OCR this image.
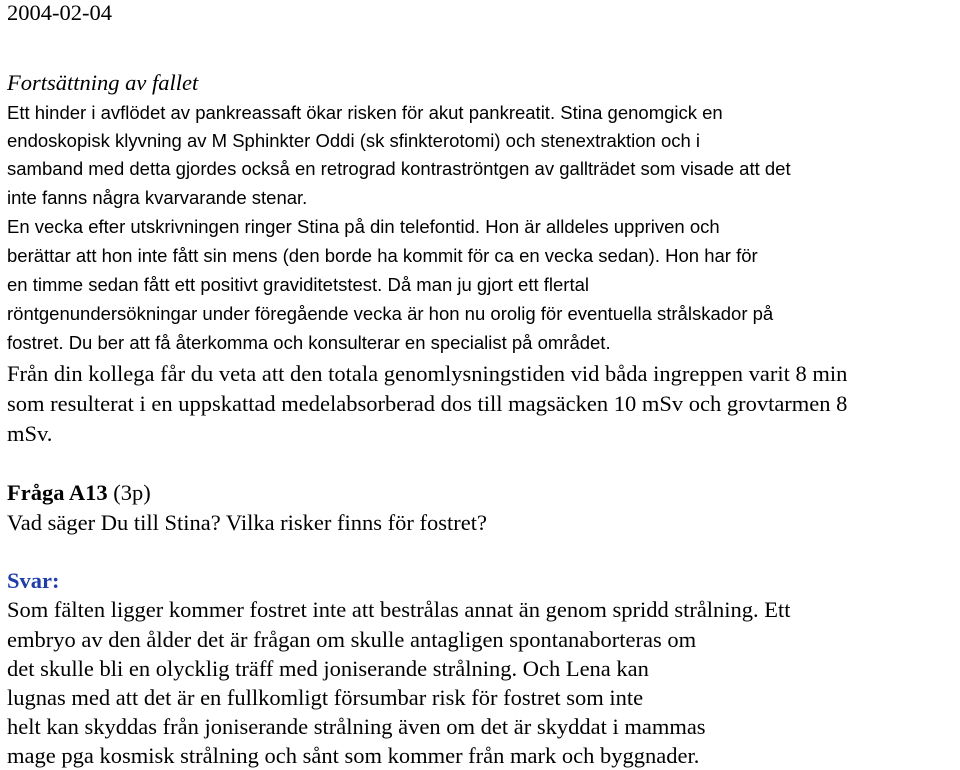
2004-02-04
Fortsättning av fallet
Ett hinder i avflödet av pankreassaft ökar risken för akut pankreatit. Stina genomgick en
endoskopisk klyvning av M Sphinkter Oddi (sk sfinkterotomi) och stenextraktion och i
samband med detta gjordes också en retrograd kontraströntgen av gallträdet som visade att det
inte fanns några kvarvarande stenar.
En vecka efter utskrivningen ringer Stina på din telefontid. Hon är alldeles uppriven och
berättar att hon inte fått sin mens (den borde ha kommit för ca en vecka sedan). Hon har för
en timme sedan fått ett positivt graviditetstest. Då man ju gjort ett flertal
röntgenundersökningar under föregående vecka är hon nu orolig för eventuella strålskador på
fostret. Du ber att få återkomma och konsulterar en specialist på området.
Från din kollega får du veta att den totala genomlysningstiden vid båda ingreppen varit 8 min
som resulterat i en uppskattad medelabsorberad dos till magsäcken 10 mSv och grovtarmen 8
mSv.
Fråga A13 (3p)
Vad säger Du till Stina? Vilka risker finns för fostret?
Svar:
Som fälten ligger kommer fostret inte att bestrålas annat än genom spridd strålning. Ett
embryo av den ålder det är frågan om skulle antagligen spontanaborteras om
det skulle bli en olycklig träff med joniserande strålning. Och Lena kan
lugnas med att det är en fullkomligt försumbar risk för fostret som inte
helt kan skyddas från joniserande strålning även om det är skyddat i mammas
mage pga kosmisk strålning och sånt som kommer från mark och byggnader.
